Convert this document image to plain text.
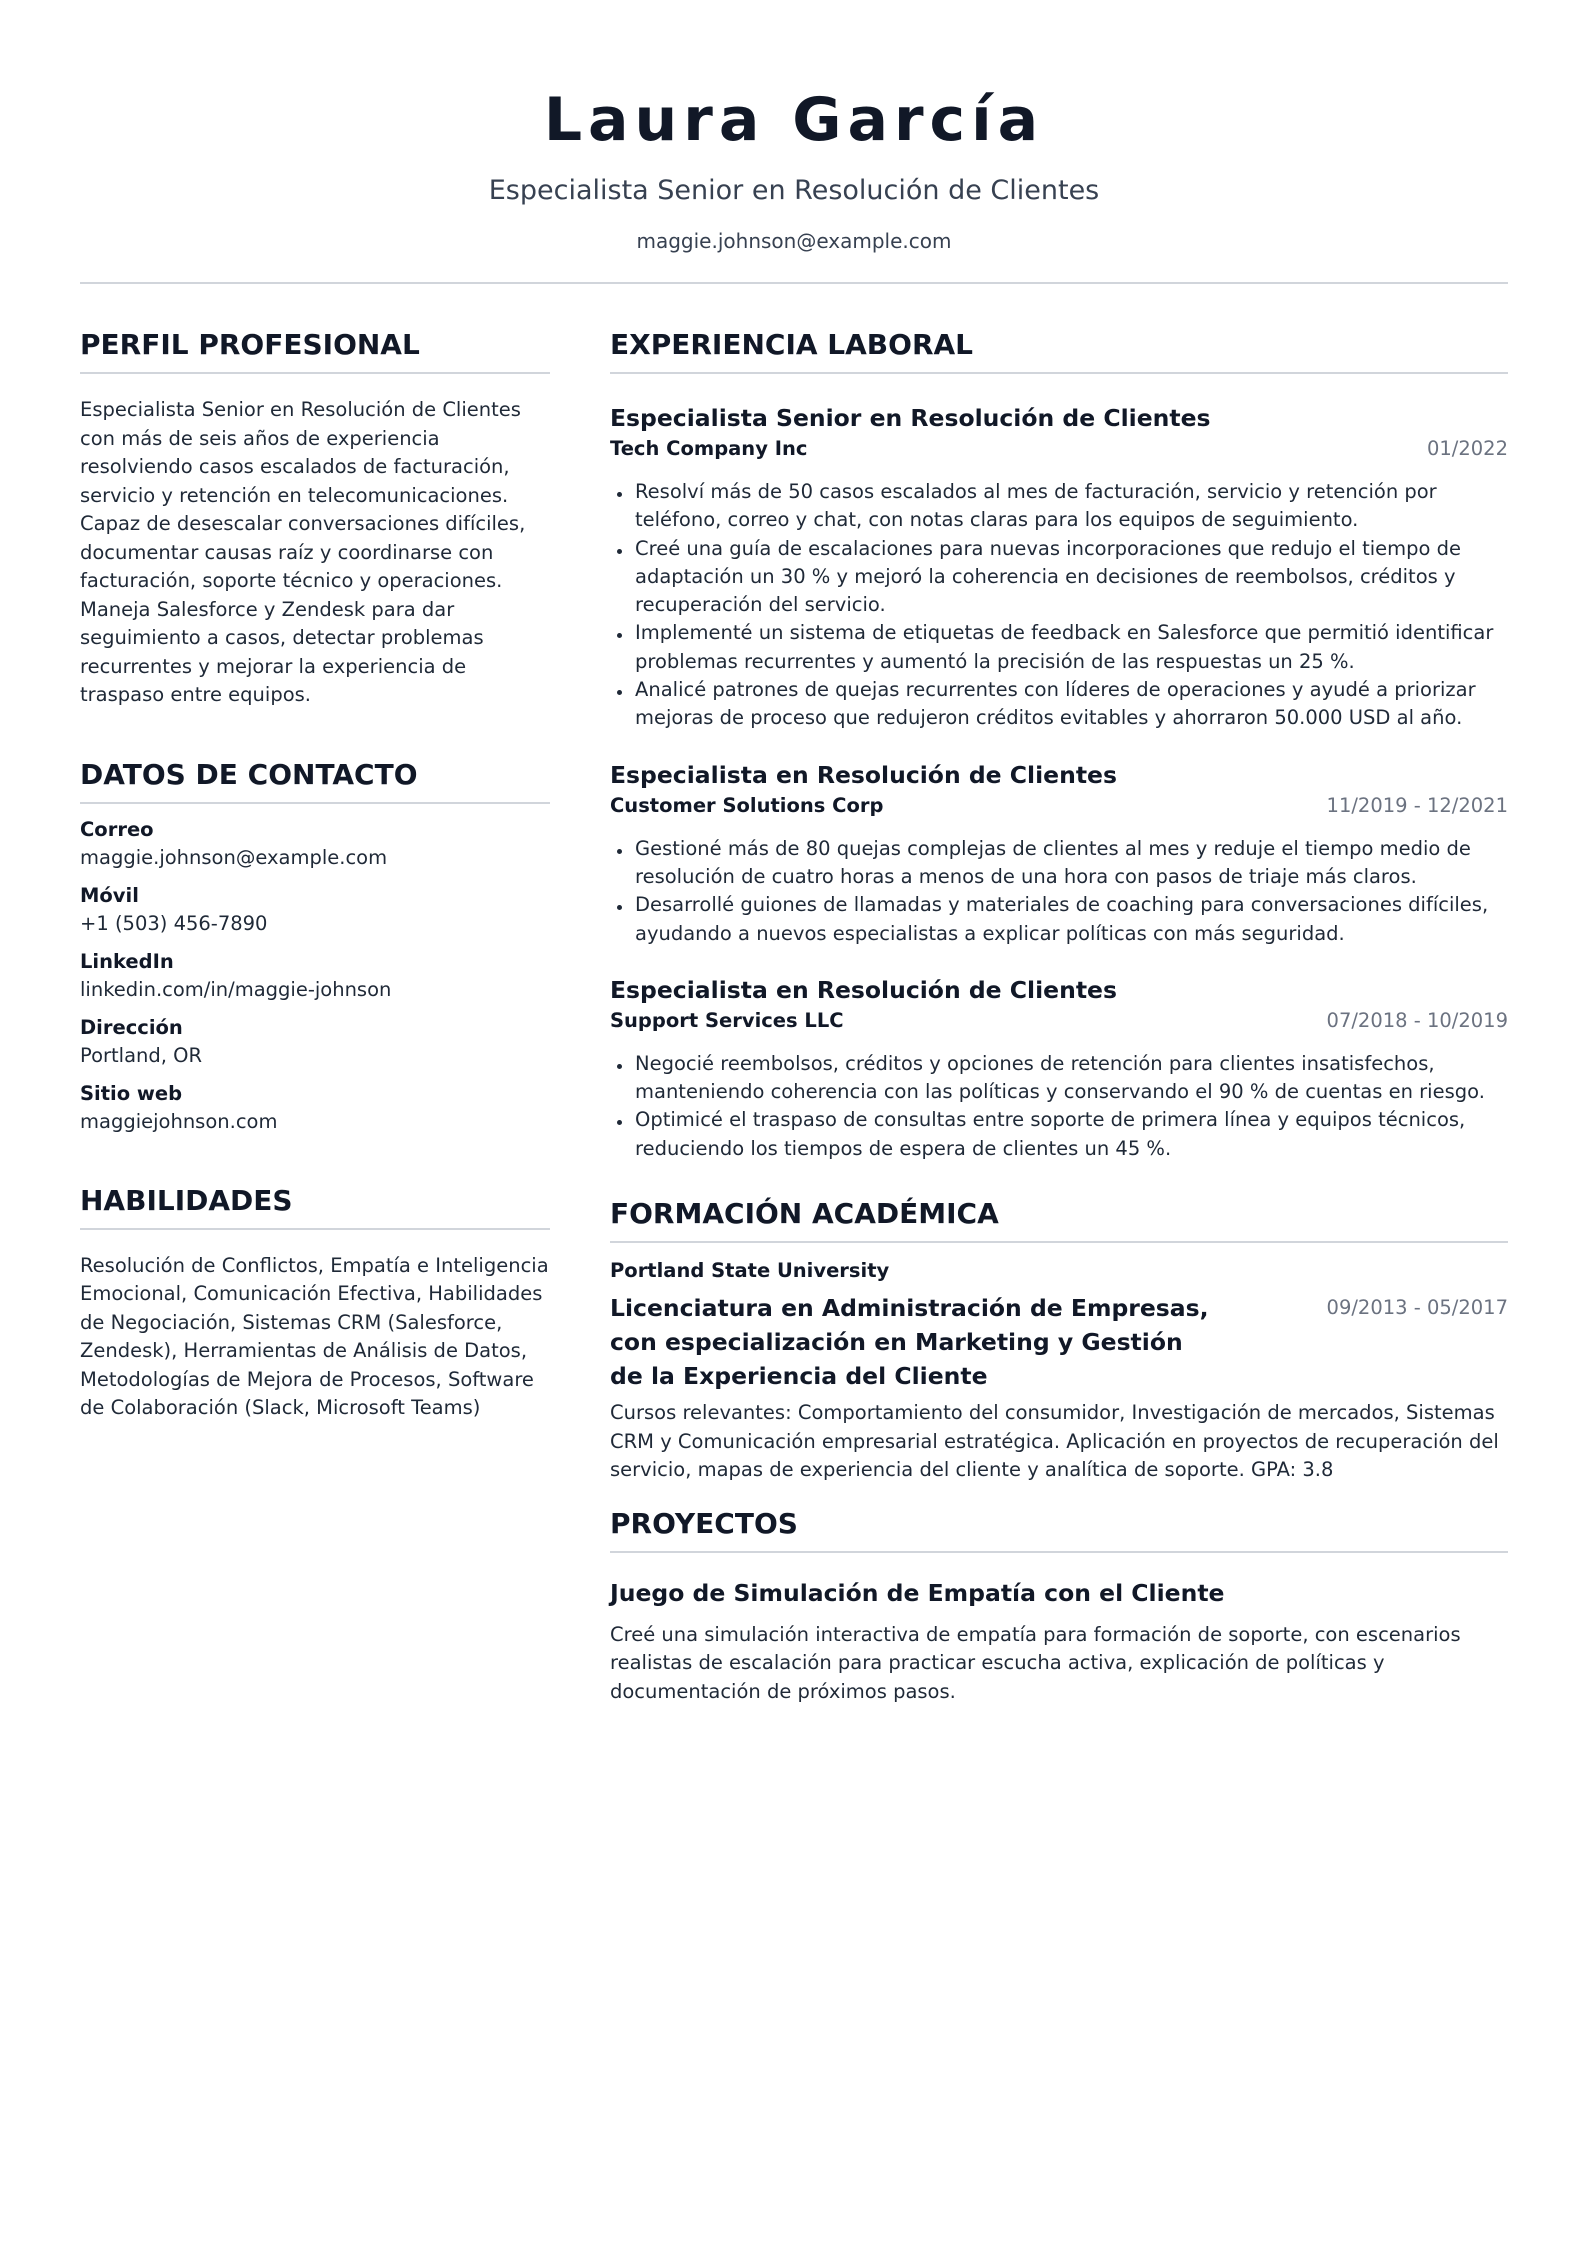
Laura García
Especialista Senior en Resolución de Clientes
maggie.johnson@example.com
PERFIL PROFESIONAL
Especialista Senior en Resolución de Clientes con más de seis años de experiencia resolviendo casos escalados de facturación, servicio y retención en telecomunicaciones. Capaz de desescalar conversaciones difíciles, documentar causas raíz y coordinarse con facturación, soporte técnico y operaciones. Maneja Salesforce y Zendesk para dar seguimiento a casos, detectar problemas recurrentes y mejorar la experiencia de traspaso entre equipos.
DATOS DE CONTACTO
Correo
maggie.johnson@example.com
Móvil
+1 (503) 456-7890
LinkedIn
linkedin.com/in/maggie-johnson
Dirección
Portland, OR
Sitio web
maggiejohnson.com
HABILIDADES
Resolución de Conflictos, Empatía e Inteligencia Emocional, Comunicación Efectiva, Habilidades de Negociación, Sistemas CRM (Salesforce, Zendesk), Herramientas de Análisis de Datos, Metodologías de Mejora de Procesos, Software de Colaboración (Slack, Microsoft Teams)
EXPERIENCIA LABORAL
Especialista Senior en Resolución de Clientes
Tech Company Inc	01/2022
Resolví más de 50 casos escalados al mes de facturación, servicio y retención por teléfono, correo y chat, con notas claras para los equipos de seguimiento.
Creé una guía de escalaciones para nuevas incorporaciones que redujo el tiempo de adaptación un 30 % y mejoró la coherencia en decisiones de reembolsos, créditos y recuperación del servicio.
Implementé un sistema de etiquetas de feedback en Salesforce que permitió identificar problemas recurrentes y aumentó la precisión de las respuestas un 25 %.
Analicé patrones de quejas recurrentes con líderes de operaciones y ayudé a priorizar mejoras de proceso que redujeron créditos evitables y ahorraron 50.000 USD al año.
Especialista en Resolución de Clientes
Customer Solutions Corp	11/2019 - 12/2021
Gestioné más de 80 quejas complejas de clientes al mes y reduje el tiempo medio de resolución de cuatro horas a menos de una hora con pasos de triaje más claros.
Desarrollé guiones de llamadas y materiales de coaching para conversaciones difíciles, ayudando a nuevos especialistas a explicar políticas con más seguridad.
Especialista en Resolución de Clientes
Support Services LLC	07/2018 - 10/2019
Negocié reembolsos, créditos y opciones de retención para clientes insatisfechos, manteniendo coherencia con las políticas y conservando el 90 % de cuentas en riesgo.
Optimicé el traspaso de consultas entre soporte de primera línea y equipos técnicos, reduciendo los tiempos de espera de clientes un 45 %.
FORMACIÓN ACADÉMICA
Portland State University
Licenciatura en Administración de Empresas, con especialización en Marketing y Gestión de la Experiencia del Cliente
09/2013 - 05/2017
Cursos relevantes: Comportamiento del consumidor, Investigación de mercados, Sistemas CRM y Comunicación empresarial estratégica. Aplicación en proyectos de recuperación del servicio, mapas de experiencia del cliente y analítica de soporte. GPA: 3.8
PROYECTOS
Juego de Simulación de Empatía con el Cliente
Creé una simulación interactiva de empatía para formación de soporte, con escenarios realistas de escalación para practicar escucha activa, explicación de políticas y documentación de próximos pasos.
